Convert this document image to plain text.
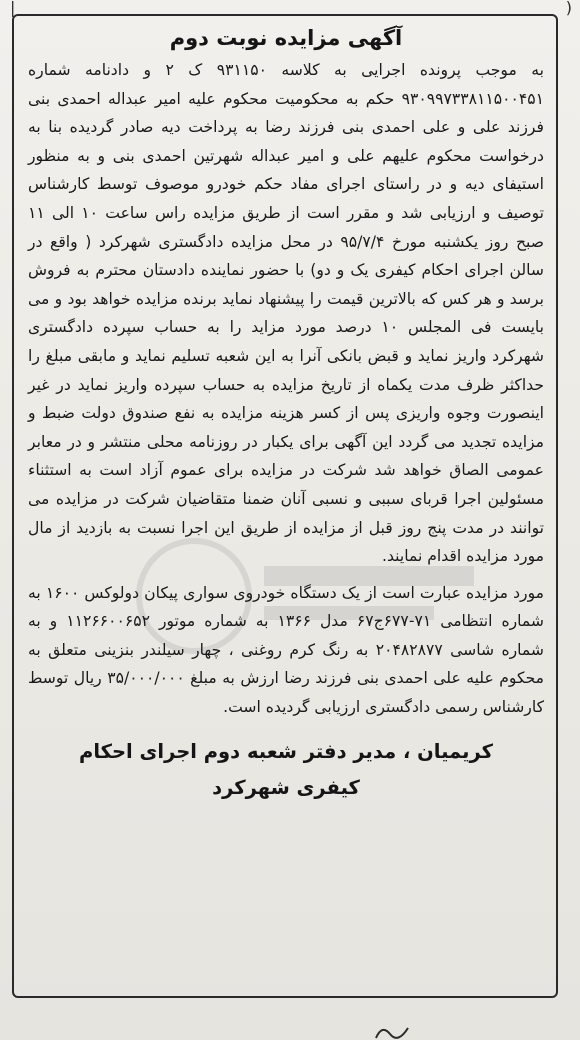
|	)
آگهی مزایده نوبت دوم

به موجب پرونده اجرایی به کلاسه ۹۳۱۱۵۰ ک ۲ و دادنامه شماره ۹۳۰۹۹۷۳۳۸۱۱۵۰۰۴۵۱ حکم به محکومیت محکوم علیه امیر عبداله احمدی بنی فرزند علی و علی احمدی بنی فرزند رضا به پرداخت دیه صادر گردیده بنا به درخواست محکوم علیهم علی و امیر عبداله شهرتین احمدی بنی و به منظور استیفای دیه و در راستای اجرای مفاد حکم خودرو موصوف توسط کارشناس توصیف و ارزیابی شد و مقرر است از طریق مزایده راس ساعت ۱۰ الی ۱۱ صبح روز یکشنبه مورخ ۹۵/۷/۴ در محل مزایده دادگستری شهرکرد ( واقع در سالن اجرای احکام کیفری یک و دو) با حضور نماینده دادستان محترم به فروش برسد و هر کس که بالاترین قیمت را پیشنهاد نماید برنده مزایده خواهد بود و می بایست فی المجلس ۱۰ درصد مورد مزاید را به حساب سپرده دادگستری شهرکرد واریز نماید و قبض بانکی آنرا به این شعبه تسلیم نماید و مابقی مبلغ را حداکثر ظرف مدت یکماه از تاریخ مزایده به حساب سپرده واریز نماید در غیر اینصورت وجوه واریزی پس از کسر هزینه مزایده به نفع صندوق دولت ضبط و مزایده تجدید می گردد این آگهی برای یکبار در روزنامه محلی منتشر و در معابر عمومی الصاق خواهد شد شرکت در مزایده برای عموم آزاد است به استثناء مسئولین اجرا قربای سببی و نسبی آنان ضمنا متقاضیان شرکت در مزایده می توانند در مدت پنج روز قبل از مزایده از طریق این اجرا نسبت به بازدید از مال مورد مزایده اقدام نمایند.

مورد مزایده عبارت است از یک دستگاه خودروی سواری پیکان دولوکس ۱۶۰۰ به شماره انتظامی ۷۱-۶۷۷ج۶۷ مدل ۱۳۶۶ به شماره موتور ۱۱۲۶۶۰۰۶۵۲ و به شماره شاسی ۲۰۴۸۲۸۷۷ به رنگ کرم روغنی ، چهار سیلندر بنزینی متعلق به محکوم علیه علی احمدی بنی فرزند رضا ارزش به مبلغ ۳۵/۰۰۰/۰۰۰ ریال توسط کارشناس رسمی دادگستری ارزیابی گردیده است.

کریمیان ، مدیر دفتر شعبه دوم اجرای احکام
کیفری شهرکرد
